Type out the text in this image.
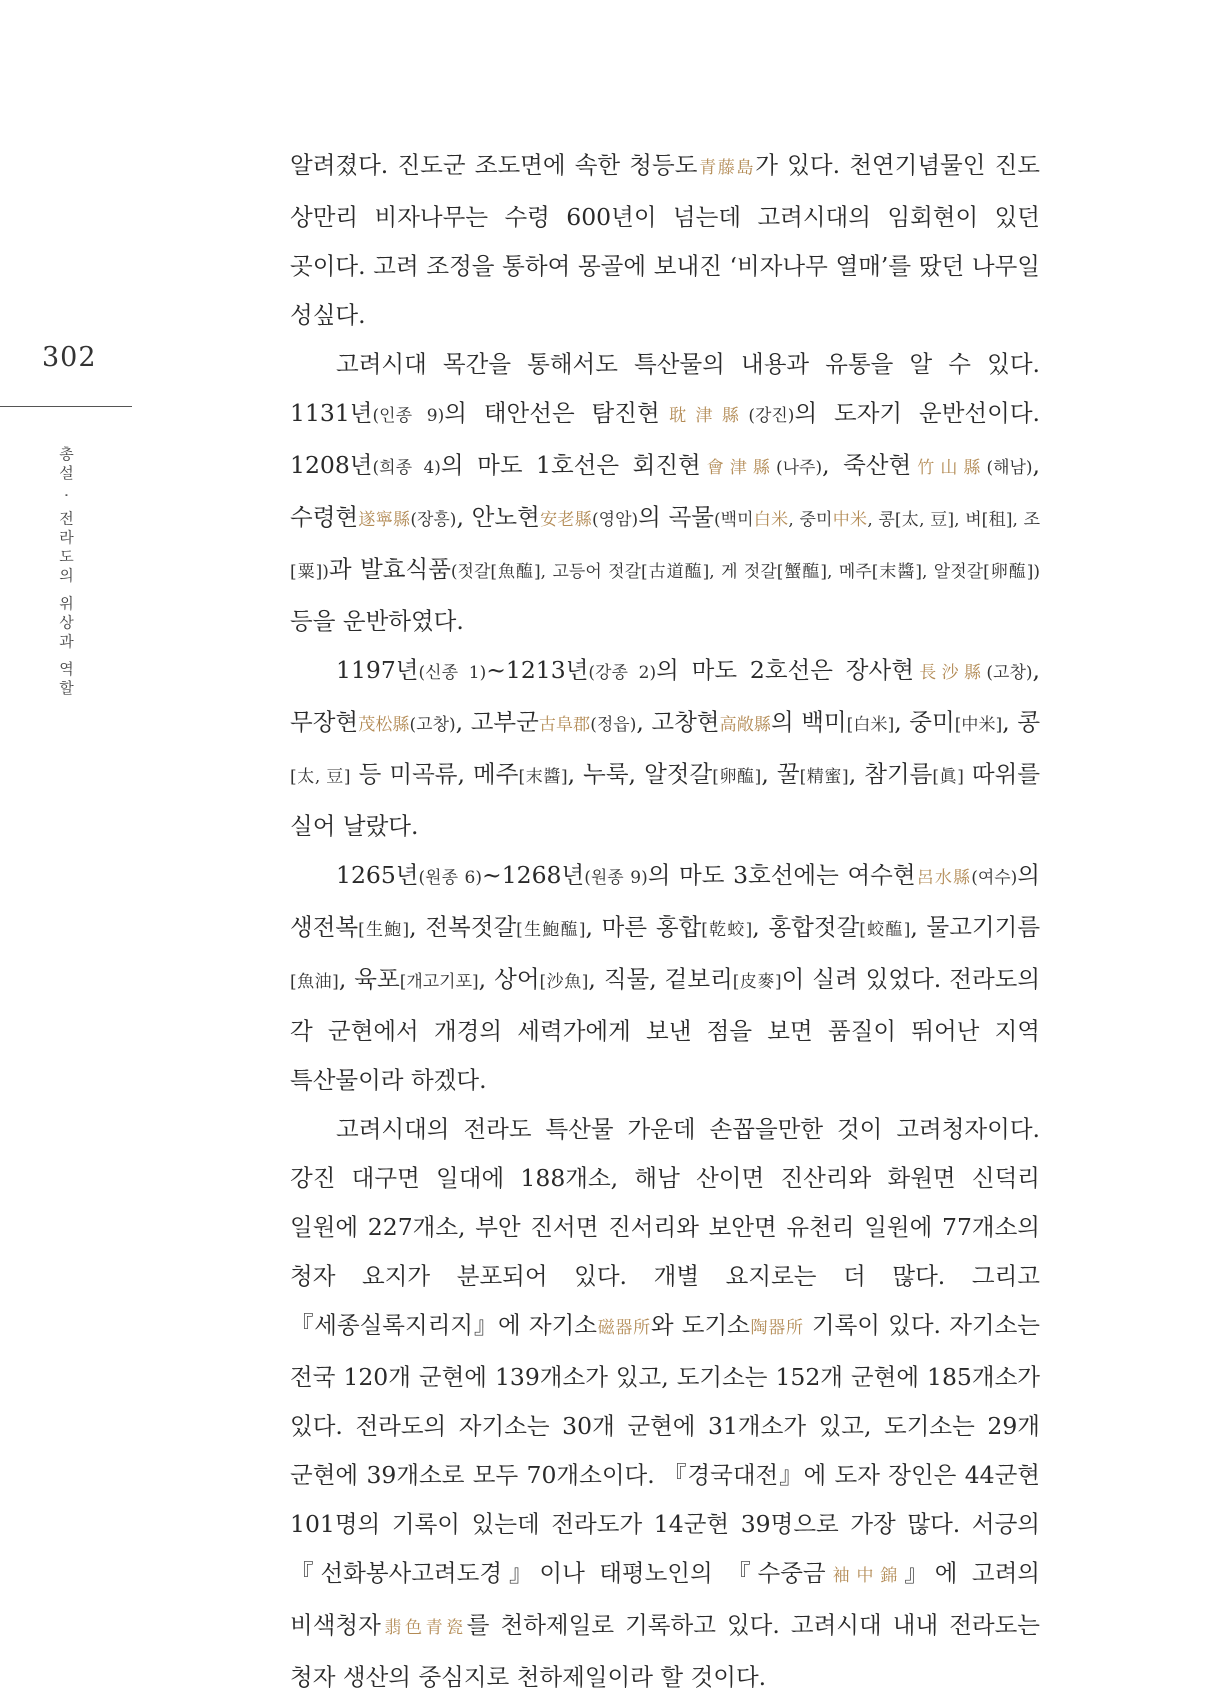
302
총설 · 전라도의 위상과 역할

알려졌다. 진도군 조도면에 속한 청등도青藤島가 있다. 천연기념물인 진도 상만리 비자나무는 수령 600년이 넘는데 고려시대의 임회현이 있던 곳이다. 고려 조정을 통하여 몽골에 보내진 ‘비자나무 열매’를 땄던 나무일 성싶다.

고려시대 목간을 통해서도 특산물의 내용과 유통을 알 수 있다. 1131년(인종 9)의 태안선은 탐진현耽津縣(강진)의 도자기 운반선이다. 1208년(희종 4)의 마도 1호선은 회진현會津縣(나주), 죽산현竹山縣(해남), 수령현遂寧縣(장흥), 안노현安老縣(영암)의 곡물(백미白米, 중미中米, 콩[太, 豆], 벼[租], 조[粟])과 발효식품(젓갈[魚醢], 고등어 젓갈[古道醢], 게 젓갈[蟹醢], 메주[末醬], 알젓갈[卵醢]) 등을 운반하였다.

1197년(신종 1)~1213년(강종 2)의 마도 2호선은 장사현長沙縣(고창), 무장현茂松縣(고창), 고부군古阜郡(정읍), 고창현高敞縣의 백미[白米], 중미[中米], 콩[太, 豆] 등 미곡류, 메주[末醬], 누룩, 알젓갈[卵醢], 꿀[精蜜], 참기름[眞] 따위를 실어 날랐다.

1265년(원종 6)~1268년(원종 9)의 마도 3호선에는 여수현呂水縣(여수)의 생전복[生鮑], 전복젓갈[生鮑醢], 마른 홍합[乾蛟], 홍합젓갈[蛟醢], 물고기기름[魚油], 육포[개고기포], 상어[沙魚], 직물, 겉보리[皮麥]이 실려 있었다. 전라도의 각 군현에서 개경의 세력가에게 보낸 점을 보면 품질이 뛰어난 지역 특산물이라 하겠다.

고려시대의 전라도 특산물 가운데 손꼽을만한 것이 고려청자이다. 강진 대구면 일대에 188개소, 해남 산이면 진산리와 화원면 신덕리 일원에 227개소, 부안 진서면 진서리와 보안면 유천리 일원에 77개소의 청자 요지가 분포되어 있다. 개별 요지로는 더 많다. 그리고 『세종실록지리지』에 자기소磁器所와 도기소陶器所 기록이 있다. 자기소는 전국 120개 군현에 139개소가 있고, 도기소는 152개 군현에 185개소가 있다. 전라도의 자기소는 30개 군현에 31개소가 있고, 도기소는 29개 군현에 39개소로 모두 70개소이다. 『경국대전』에 도자 장인은 44군현 101명의 기록이 있는데 전라도가 14군현 39명으로 가장 많다. 서긍의 『선화봉사고려도경』이나 태평노인의 『수중금袖中錦』에 고려의 비색청자翡色青瓷를 천하제일로 기록하고 있다. 고려시대 내내 전라도는 청자 생산의 중심지로 천하제일이라 할 것이다.
